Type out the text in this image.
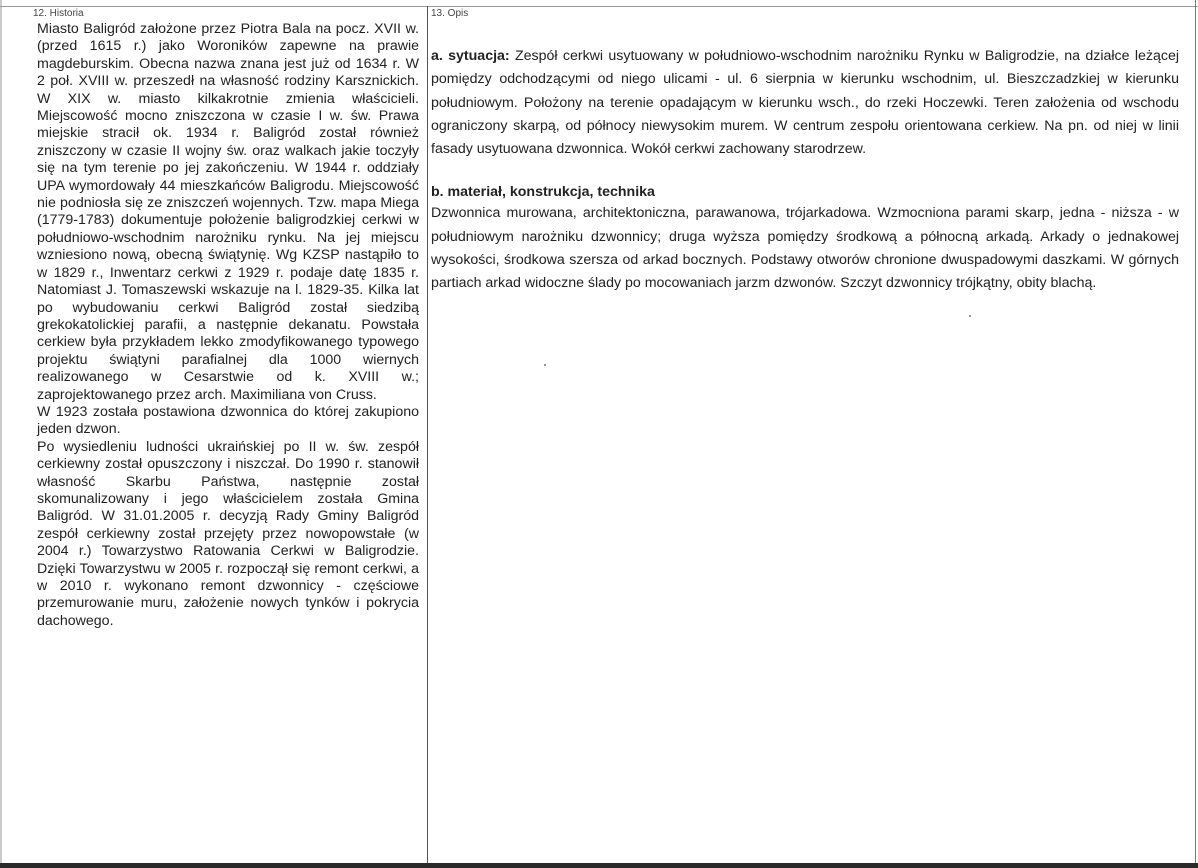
12. Historia

Miasto Baligród założone przez Piotra Bala na pocz. XVII w. (przed 1615 r.) jako Woroników zapewne na prawie magdeburskim. Obecna nazwa znana jest już od 1634 r. W 2 poł. XVIII w. przeszedł na własność rodziny Karsznickich. W XIX w. miasto kilkakrotnie zmienia właścicieli. Miejscowość mocno zniszczona w czasie I w. św. Prawa miejskie stracił ok. 1934 r. Baligród został również zniszczony w czasie II wojny św. oraz walkach jakie toczyły się na tym terenie po jej zakończeniu. W 1944 r. oddziały UPA wymordowały 44 mieszkańców Baligrodu. Miejscowość nie podniosła się ze zniszczeń wojennych. Tzw. mapa Miega (1779-1783) dokumentuje położenie baligrodzkiej cerkwi w południowo-wschodnim narożniku rynku. Na jej miejscu wzniesiono nową, obecną świątynię. Wg KZSP nastąpiło to w 1829 r., Inwentarz cerkwi z 1929 r. podaje datę 1835 r. Natomiast J. Tomaszewski wskazuje na l. 1829-35. Kilka lat po wybudowaniu cerkwi Baligród został siedzibą grekokatolickiej parafii, a następnie dekanatu. Powstała cerkiew była przykładem lekko zmodyfikowanego typowego projektu świątyni parafialnej dla 1000 wiernych realizowanego w Cesarstwie od k. XVIII w.; zaprojektowanego przez arch. Maximiliana von Cruss.

W 1923 została postawiona dzwonnica do której zakupiono jeden dzwon.

Po wysiedleniu ludności ukraińskiej po II w. św. zespół cerkiewny został opuszczony i niszczał. Do 1990 r. stanowił własność Skarbu Państwa, następnie został skomunalizowany i jego właścicielem została Gmina Baligród. W 31.01.2005 r. decyzją Rady Gminy Baligród zespół cerkiewny został przejęty przez nowopowstałe (w 2004 r.) Towarzystwo Ratowania Cerkwi w Baligrodzie. Dzięki Towarzystwu w 2005 r. rozpoczął się remont cerkwi, a w 2010 r. wykonano remont dzwonnicy - częściowe przemurowanie muru, założenie nowych tynków i pokrycia dachowego.

13. Opis

a. sytuacja: Zespół cerkwi usytuowany w południowo-wschodnim narożniku Rynku w Baligrodzie, na działce leżącej pomiędzy odchodzącymi od niego ulicami - ul. 6 sierpnia w kierunku wschodnim, ul. Bieszczadzkiej w kierunku południowym. Położony na terenie opadającym w kierunku wsch., do rzeki Hoczewki. Teren założenia od wschodu ograniczony skarpą, od północy niewysokim murem. W centrum zespołu orientowana cerkiew. Na pn. od niej w linii fasady usytuowana dzwonnica. Wokół cerkwi zachowany starodrzew.

b. materiał, konstrukcja, technika

Dzwonnica murowana, architektoniczna, parawanowa, trójarkadowa. Wzmocniona parami skarp, jedna - niższa - w południowym narożniku dzwonnicy; druga wyższa pomiędzy środkową a północną arkadą. Arkady o jednakowej wysokości, środkowa szersza od arkad bocznych. Podstawy otworów chronione dwuspadowymi daszkami. W górnych partiach arkad widoczne ślady po mocowaniach jarzm dzwonów. Szczyt dzwonnicy trójkątny, obity blachą.
